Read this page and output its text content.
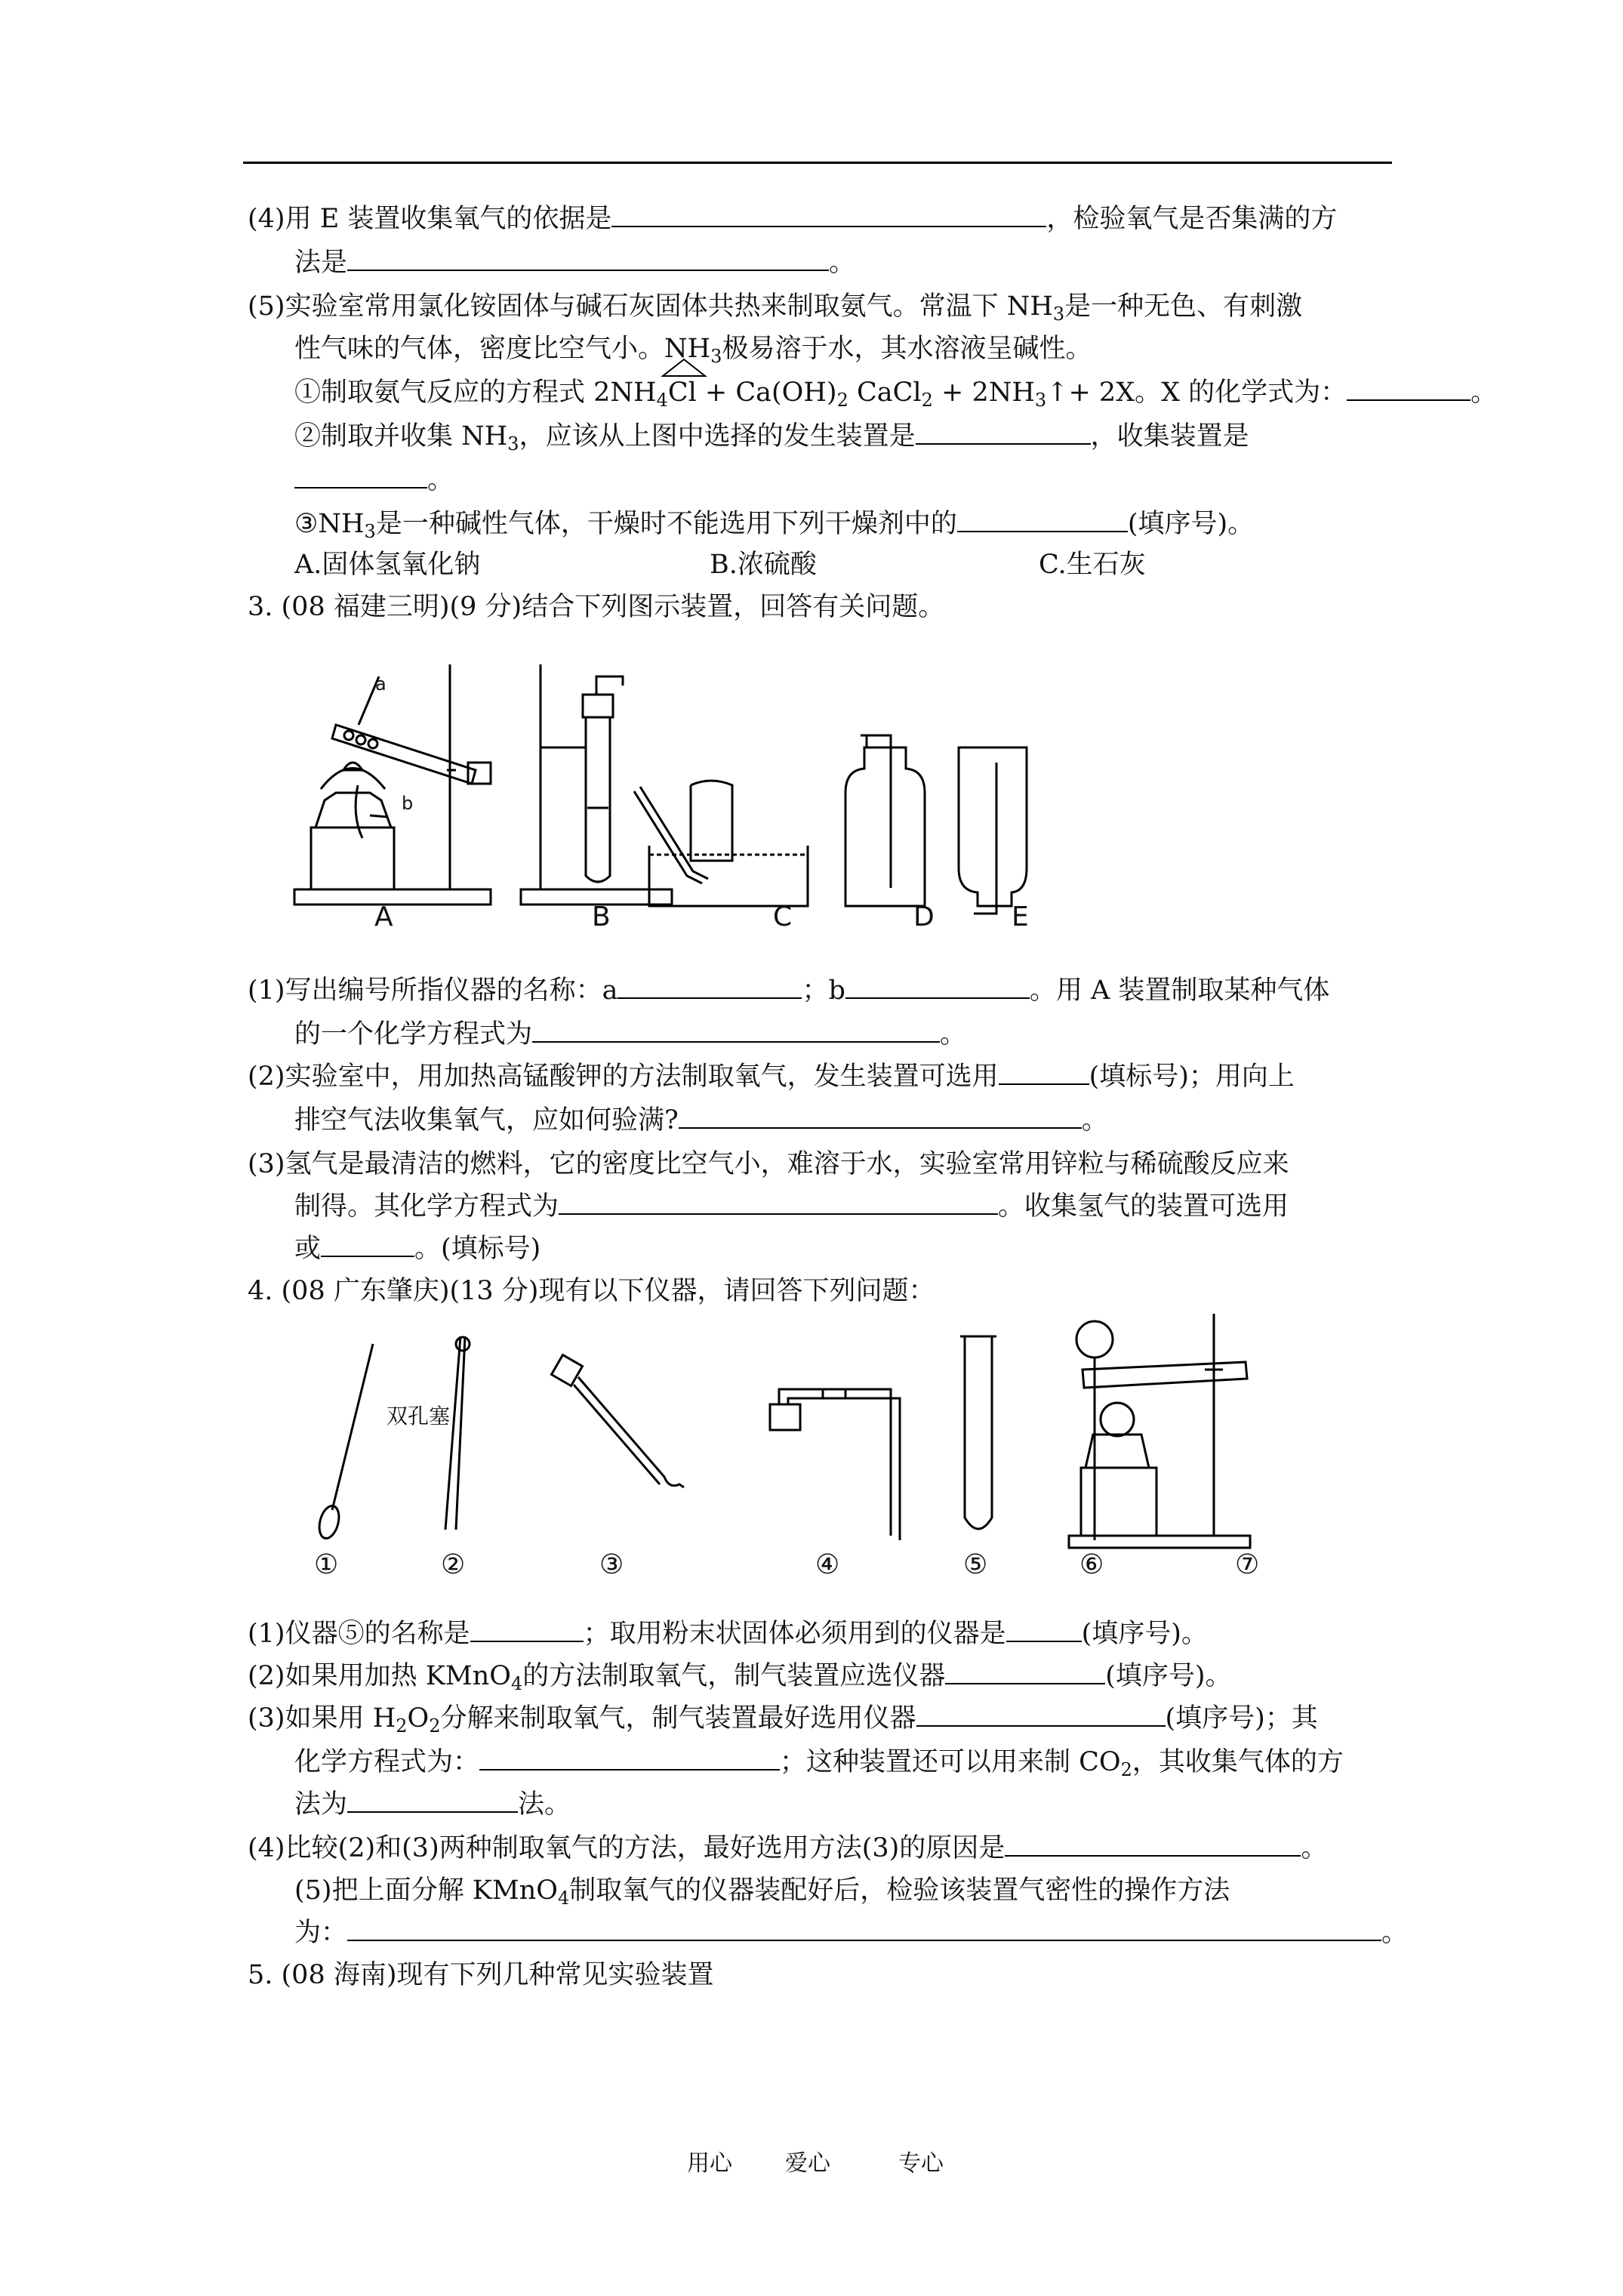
(4)用 E 装置收集氧气的依据是	，检验氧气是否集满的方
法是	。
(5)实验室常用氯化铵固体与碱石灰固体共热来制取氨气。常温下 $NH_3$是一种无色、有刺激
性气味的气体，密度比空气小。$NH_3$极易溶于水，其水溶液呈碱性。
①制取氨气反应的方程式 $2NH_4Cl + Ca(OH)_2$ CaCl$_2$ + $2NH_3↑+ 2X$。X 的化学式为：	。
②制取并收集 $NH_3$，应该从上图中选择的发生装置是	，收集装置是
。
$③NH_3$是一种碱性气体，干燥时不能选用下列干燥剂中的	(填序号)。
A.固体氢氧化钠	B.浓硫酸	C.生石灰
3. (08 福建三明)(9 分)结合下列图示装置，回答有关问题。
a
b
A	B	C	D	E
(1)写出编号所指仪器的名称：a	；b	。用 A 装置制取某种气体
的一个化学方程式为	。
(2)实验室中，用加热高锰酸钾的方法制取氧气，发生装置可选用	(填标号)；用向上
排空气法收集氧气，应如何验满?	。
(3)氢气是最清洁的燃料，它的密度比空气小，难溶于水，实验室常用锌粒与稀硫酸反应来
制得。其化学方程式为	。收集氢气的装置可选用
或	。(填标号)
4. (08 广东肇庆)(13 分)现有以下仪器，请回答下列问题：
双孔塞
①	②	③	④	⑤	⑥	⑦
(1)仪器⑤的名称是	；取用粉末状固体必须用到的仪器是	(填序号)。
(2)如果用加热 KMnO$_4$的方法制取氧气，制气装置应选仪器	(填序号)。
(3)如果用 $H_2O_2$分解来制取氧气，制气装置最好选用仪器	(填序号)；其
化学方程式为：	；这种装置还可以用来制 $CO_2$，其收集气体的方
法为	法。
(4)比较(2)和(3)两种制取氧气的方法，最好选用方法(3)的原因是	。
(5)把上面分解 KMnO$_4$制取氧气的仪器装配好后，检验该装置气密性的操作方法
为：	。
5. (08 海南)现有下列几种常见实验装置
用心 爱心	专心
